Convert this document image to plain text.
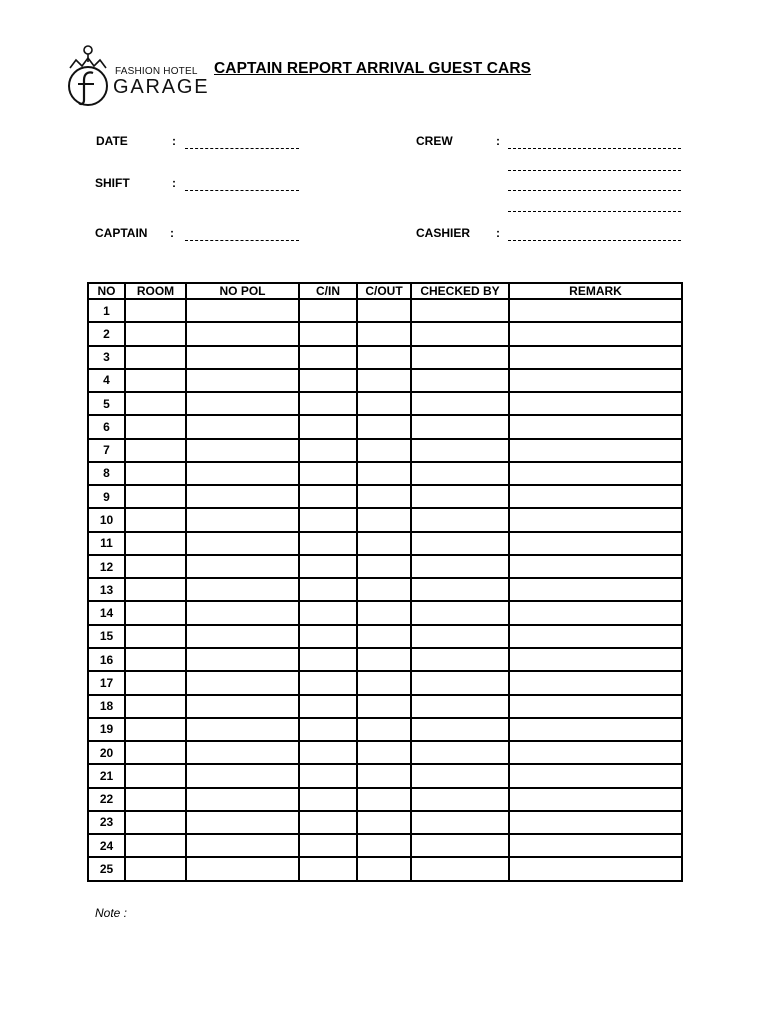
FASHION HOTEL
GARAGE
CAPTAIN REPORT ARRIVAL GUEST CARS
DATE	:
SHIFT	:
CAPTAIN :
CREW	:
CASHIER :
NO	ROOM	NO POL	C/IN	C/OUT	CHECKED BY	REMARK
1						
2						
3						
4						
5						
6						
7						
8						
9						
10						
11						
12						
13						
14						
15						
16						
17						
18						
19						
20						
21						
22						
23						
24						
25						
Note :
